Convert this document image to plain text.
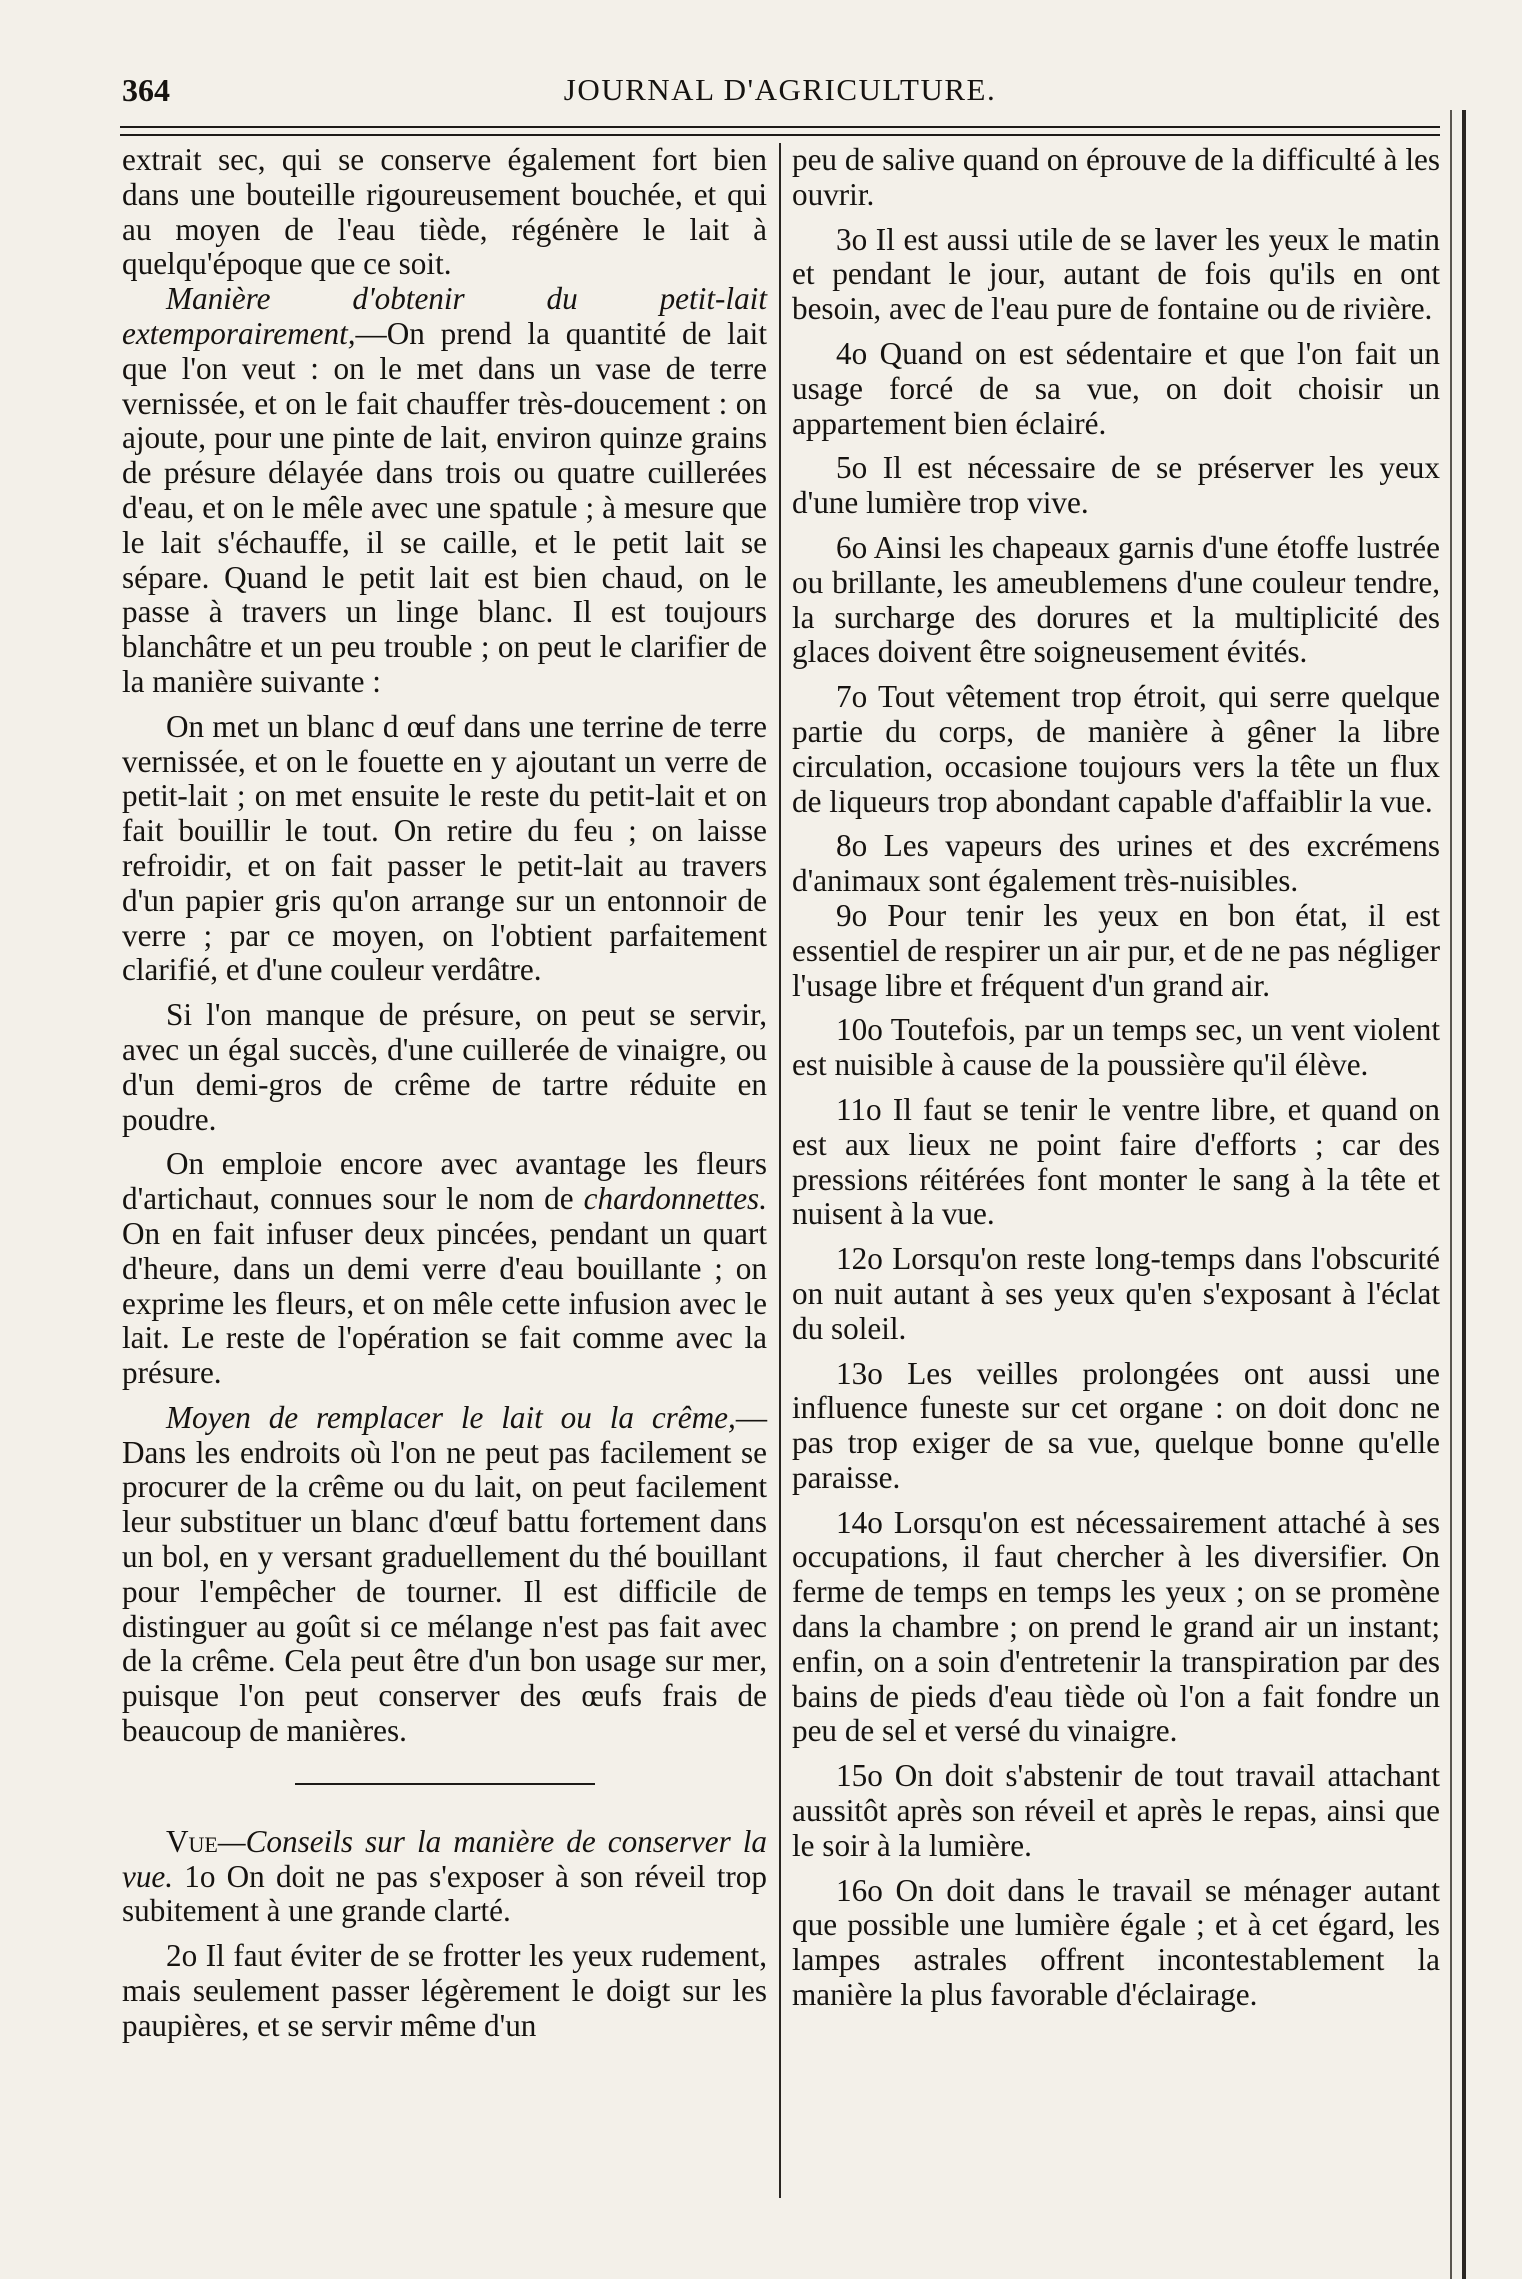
364	JOURNAL D'AGRICULTURE.

extrait sec, qui se conserve également fort bien dans une bouteille rigoureusement bouchée, et qui au moyen de l'eau tiède, régénère le lait à quelqu'époque que ce soit.

Manière d'obtenir du petit-lait extemporairement,—On prend la quantité de lait que l'on veut : on le met dans un vase de terre vernissée, et on le fait chauffer très-doucement : on ajoute, pour une pinte de lait, environ quinze grains de présure délayée dans trois ou quatre cuillerées d'eau, et on le mêle avec une spatule ; à mesure que le lait s'échauffe, il se caille, et le petit lait se sépare. Quand le petit lait est bien chaud, on le passe à travers un linge blanc. Il est toujours blanchâtre et un peu trouble ; on peut le clarifier de la manière suivante :

On met un blanc d œuf dans une terrine de terre vernissée, et on le fouette en y ajoutant un verre de petit-lait ; on met ensuite le reste du petit-lait et on fait bouillir le tout. On retire du feu ; on laisse refroidir, et on fait passer le petit-lait au travers d'un papier gris qu'on arrange sur un entonnoir de verre ; par ce moyen, on l'obtient parfaitement clarifié, et d'une couleur verdâtre.

Si l'on manque de présure, on peut se servir, avec un égal succès, d'une cuillerée de vinaigre, ou d'un demi-gros de crême de tartre réduite en poudre.

On emploie encore avec avantage les fleurs d'artichaut, connues sour le nom de chardonnettes. On en fait infuser deux pincées, pendant un quart d'heure, dans un demi verre d'eau bouillante ; on exprime les fleurs, et on mêle cette infusion avec le lait. Le reste de l'opération se fait comme avec la présure.

Moyen de remplacer le lait ou la crême,— Dans les endroits où l'on ne peut pas facilement se procurer de la crême ou du lait, on peut facilement leur substituer un blanc d'œuf battu fortement dans un bol, en y versant graduellement du thé bouillant pour l'empêcher de tourner. Il est difficile de distinguer au goût si ce mélange n'est pas fait avec de la crême. Cela peut être d'un bon usage sur mer, puisque l'on peut conserver des œufs frais de beaucoup de manières.

Vue—Conseils sur la manière de conserver la vue. 1o On doit ne pas s'exposer à son réveil trop subitement à une grande clarté.

2o Il faut éviter de se frotter les yeux rudement, mais seulement passer légèrement le doigt sur les paupières, et se servir même d'un

peu de salive quand on éprouve de la difficulté à les ouvrir.

3o Il est aussi utile de se laver les yeux le matin et pendant le jour, autant de fois qu'ils en ont besoin, avec de l'eau pure de fontaine ou de rivière.

4o Quand on est sédentaire et que l'on fait un usage forcé de sa vue, on doit choisir un appartement bien éclairé.

5o Il est nécessaire de se préserver les yeux d'une lumière trop vive.

6o Ainsi les chapeaux garnis d'une étoffe lustrée ou brillante, les ameublemens d'une couleur tendre, la surcharge des dorures et la multiplicité des glaces doivent être soigneusement évités.

7o Tout vêtement trop étroit, qui serre quelque partie du corps, de manière à gêner la libre circulation, occasione toujours vers la tête un flux de liqueurs trop abondant capable d'affaiblir la vue.

8o Les vapeurs des urines et des excrémens d'animaux sont également très-nuisibles.

9o Pour tenir les yeux en bon état, il est essentiel de respirer un air pur, et de ne pas négliger l'usage libre et fréquent d'un grand air.

10o Toutefois, par un temps sec, un vent violent est nuisible à cause de la poussière qu'il élève.

11o Il faut se tenir le ventre libre, et quand on est aux lieux ne point faire d'efforts ; car des pressions réitérées font monter le sang à la tête et nuisent à la vue.

12o Lorsqu'on reste long-temps dans l'obscurité on nuit autant à ses yeux qu'en s'exposant à l'éclat du soleil.

13o Les veilles prolongées ont aussi une influence funeste sur cet organe : on doit donc ne pas trop exiger de sa vue, quelque bonne qu'elle paraisse.

14o Lorsqu'on est nécessairement attaché à ses occupations, il faut chercher à les diversifier. On ferme de temps en temps les yeux ; on se promène dans la chambre ; on prend le grand air un instant; enfin, on a soin d'entretenir la transpiration par des bains de pieds d'eau tiède où l'on a fait fondre un peu de sel et versé du vinaigre.

15o On doit s'abstenir de tout travail attachant aussitôt après son réveil et après le repas, ainsi que le soir à la lumière.

16o On doit dans le travail se ménager autant que possible une lumière égale ; et à cet égard, les lampes astrales offrent incontestablement la manière la plus favorable d'éclairage.
